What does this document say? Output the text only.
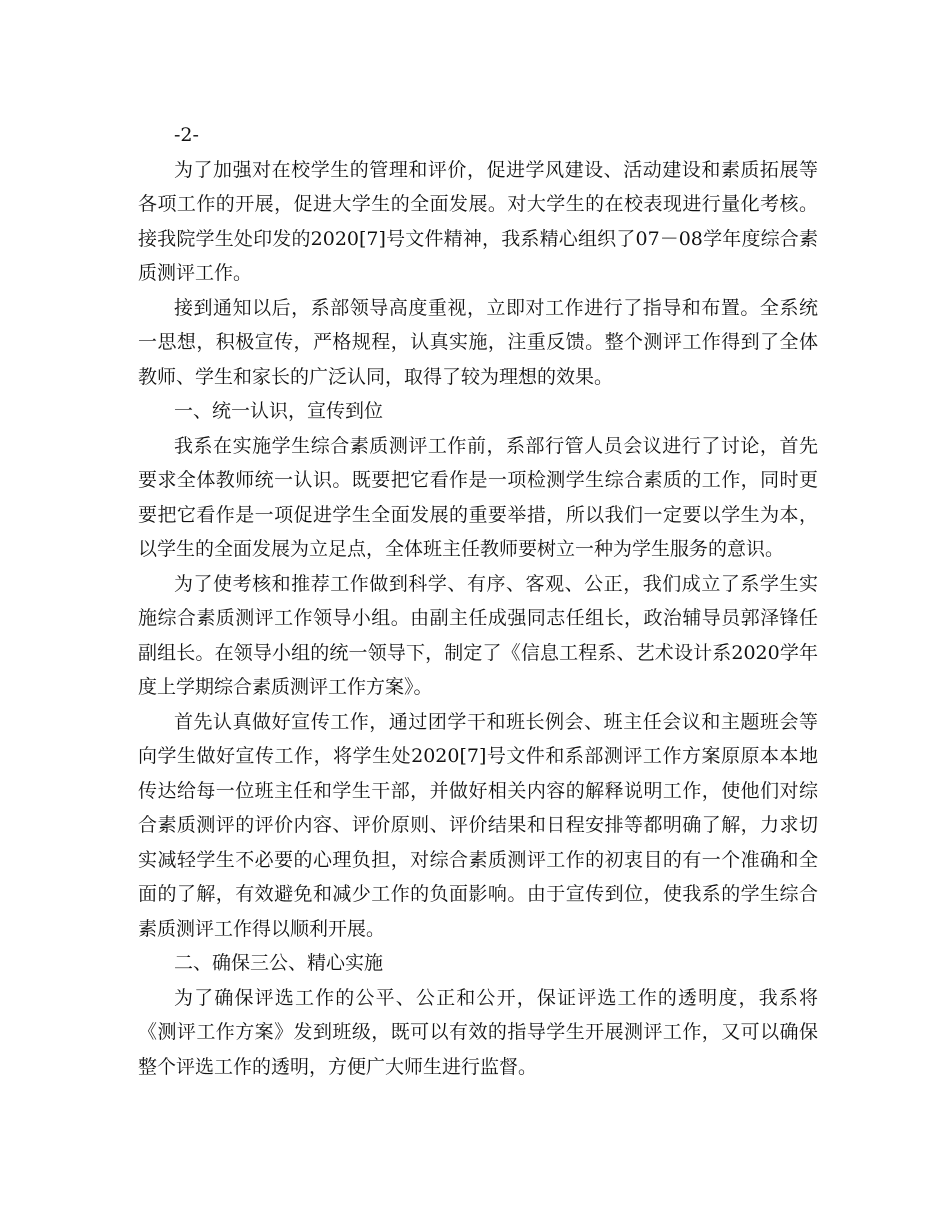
-2-

为了加强对在校学生的管理和评价，促进学风建设、活动建设和素质拓展等各项工作的开展，促进大学生的全面发展。对大学生的在校表现进行量化考核。接我院学生处印发的2020[7]号文件精神，我系精心组织了07－08学年度综合素质测评工作。

接到通知以后，系部领导高度重视，立即对工作进行了指导和布置。全系统一思想，积极宣传，严格规程，认真实施，注重反馈。整个测评工作得到了全体教师、学生和家长的广泛认同，取得了较为理想的效果。

一、统一认识，宣传到位

我系在实施学生综合素质测评工作前，系部行管人员会议进行了讨论，首先要求全体教师统一认识。既要把它看作是一项检测学生综合素质的工作，同时更要把它看作是一项促进学生全面发展的重要举措，所以我们一定要以学生为本，以学生的全面发展为立足点，全体班主任教师要树立一种为学生服务的意识。

为了使考核和推荐工作做到科学、有序、客观、公正，我们成立了系学生实施综合素质测评工作领导小组。由副主任成强同志任组长，政治辅导员郭泽锋任副组长。在领导小组的统一领导下，制定了《信息工程系、艺术设计系2020学年度上学期综合素质测评工作方案》。

首先认真做好宣传工作，通过团学干和班长例会、班主任会议和主题班会等向学生做好宣传工作，将学生处2020[7]号文件和系部测评工作方案原原本本地传达给每一位班主任和学生干部，并做好相关内容的解释说明工作，使他们对综合素质测评的评价内容、评价原则、评价结果和日程安排等都明确了解，力求切实减轻学生不必要的心理负担，对综合素质测评工作的初衷目的有一个准确和全面的了解，有效避免和减少工作的负面影响。由于宣传到位，使我系的学生综合素质测评工作得以顺利开展。

二、确保三公、精心实施

为了确保评选工作的公平、公正和公开，保证评选工作的透明度，我系将《测评工作方案》发到班级，既可以有效的指导学生开展测评工作，又可以确保整个评选工作的透明，方便广大师生进行监督。
